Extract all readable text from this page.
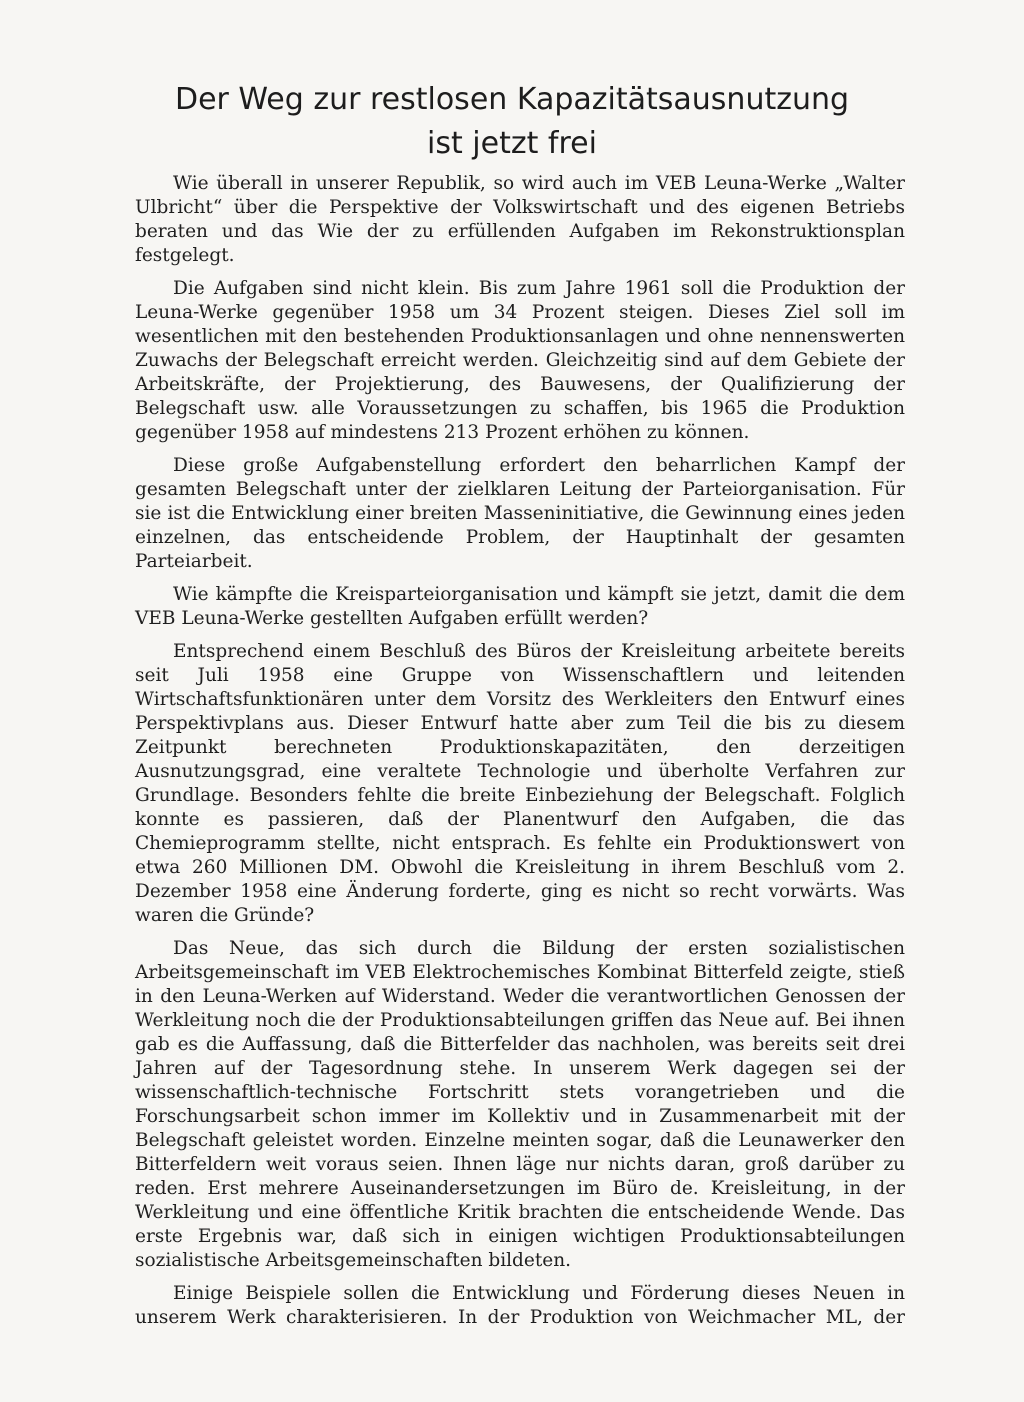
Der Weg zur restlosen Kapazitätsausnutzung
ist jetzt frei

Wie überall in unserer Republik, so wird auch im VEB Leuna-Werke „Walter Ulbricht“ über die Perspektive der Volkswirtschaft und des eigenen Betriebs beraten und das Wie der zu erfüllenden Aufgaben im Rekonstruktionsplan festgelegt.

Die Aufgaben sind nicht klein. Bis zum Jahre 1961 soll die Produktion der Leuna-Werke gegenüber 1958 um 34 Prozent steigen. Dieses Ziel soll im wesentlichen mit den bestehenden Produktionsanlagen und ohne nennenswerten Zuwachs der Belegschaft erreicht werden. Gleichzeitig sind auf dem Gebiete der Arbeitskräfte, der Projektierung, des Bauwesens, der Qualifizierung der Belegschaft usw. alle Voraussetzungen zu schaffen, bis 1965 die Produktion gegenüber 1958 auf mindestens 213 Prozent erhöhen zu können.

Diese große Aufgabenstellung erfordert den beharrlichen Kampf der gesamten Belegschaft unter der zielklaren Leitung der Parteiorganisation. Für sie ist die Entwicklung einer breiten Masseninitiative, die Gewinnung eines jeden einzelnen, das entscheidende Problem, der Hauptinhalt der gesamten Parteiarbeit.

Wie kämpfte die Kreisparteiorganisation und kämpft sie jetzt, damit die dem VEB Leuna-Werke gestellten Aufgaben erfüllt werden?

Entsprechend einem Beschluß des Büros der Kreisleitung arbeitete bereits seit Juli 1958 eine Gruppe von Wissenschaftlern und leitenden Wirtschaftsfunktionären unter dem Vorsitz des Werkleiters den Entwurf eines Perspektivplans aus. Dieser Entwurf hatte aber zum Teil die bis zu diesem Zeitpunkt berechneten Produktionskapazitäten, den derzeitigen Ausnutzungsgrad, eine veraltete Technologie und überholte Verfahren zur Grundlage. Besonders fehlte die breite Einbeziehung der Belegschaft. Folglich konnte es passieren, daß der Planentwurf den Aufgaben, die das Chemieprogramm stellte, nicht entsprach. Es fehlte ein Produktionswert von etwa 260 Millionen DM. Obwohl die Kreisleitung in ihrem Beschluß vom 2. Dezember 1958 eine Änderung forderte, ging es nicht so recht vorwärts. Was waren die Gründe?

Das Neue, das sich durch die Bildung der ersten sozialistischen Arbeitsgemeinschaft im VEB Elektrochemisches Kombinat Bitterfeld zeigte, stieß in den Leuna-Werken auf Widerstand. Weder die verantwortlichen Genossen der Werkleitung noch die der Produktionsabteilungen griffen das Neue auf. Bei ihnen gab es die Auffassung, daß die Bitterfelder das nachholen, was bereits seit drei Jahren auf der Tagesordnung stehe. In unserem Werk dagegen sei der wissenschaftlich-technische Fortschritt stets vorangetrieben und die Forschungsarbeit schon immer im Kollektiv und in Zusammenarbeit mit der Belegschaft geleistet worden. Einzelne meinten sogar, daß die Leunawerker den Bitterfeldern weit voraus seien. Ihnen läge nur nichts daran, groß darüber zu reden. Erst mehrere Auseinandersetzungen im Büro de. Kreisleitung, in der Werkleitung und eine öffentliche Kritik brachten die entscheidende Wende. Das erste Ergebnis war, daß sich in einigen wichtigen Produktionsabteilungen sozialistische Arbeitsgemeinschaften bildeten.

Einige Beispiele sollen die Entwicklung und Förderung dieses Neuen in unserem Werk charakterisieren. In der Produktion von Weichmacher ML, der
